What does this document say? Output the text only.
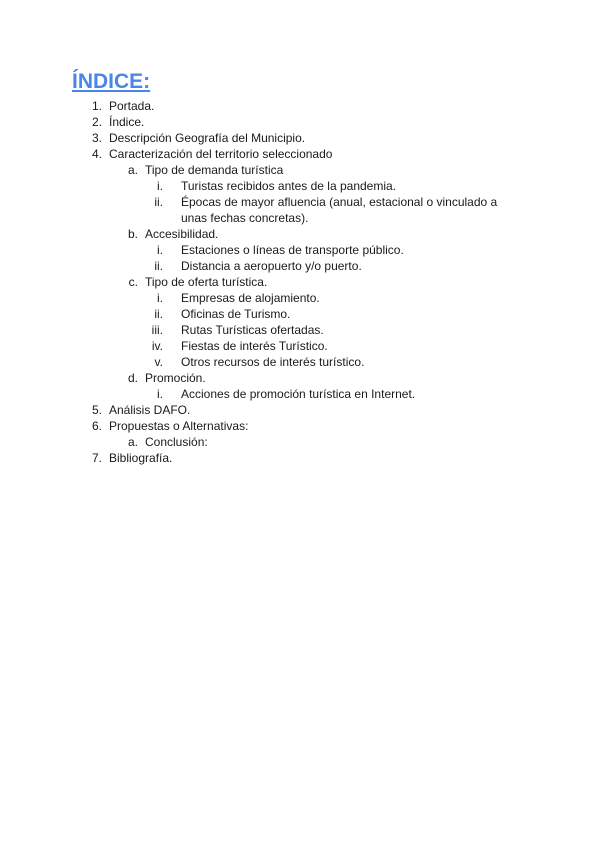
ÍNDICE:
1. Portada.
2. Índice.
3. Descripción Geografía del Municipio.
4. Caracterización del territorio seleccionado
a. Tipo de demanda turística
i. Turistas recibidos antes de la pandemia.
ii. Épocas de mayor afluencia (anual, estacional o vinculado a
unas fechas concretas).
b. Accesibilidad.
i. Estaciones o líneas de transporte público.
ii. Distancia a aeropuerto y/o puerto.
c. Tipo de oferta turística.
i. Empresas de alojamiento.
ii. Oficinas de Turismo.
iii. Rutas Turísticas ofertadas.
iv. Fiestas de interés Turístico.
v. Otros recursos de interés turístico.
d. Promoción.
i. Acciones de promoción turística en Internet.
5. Análisis DAFO.
6. Propuestas o Alternativas:
a. Conclusión:
7. Bibliografía.
